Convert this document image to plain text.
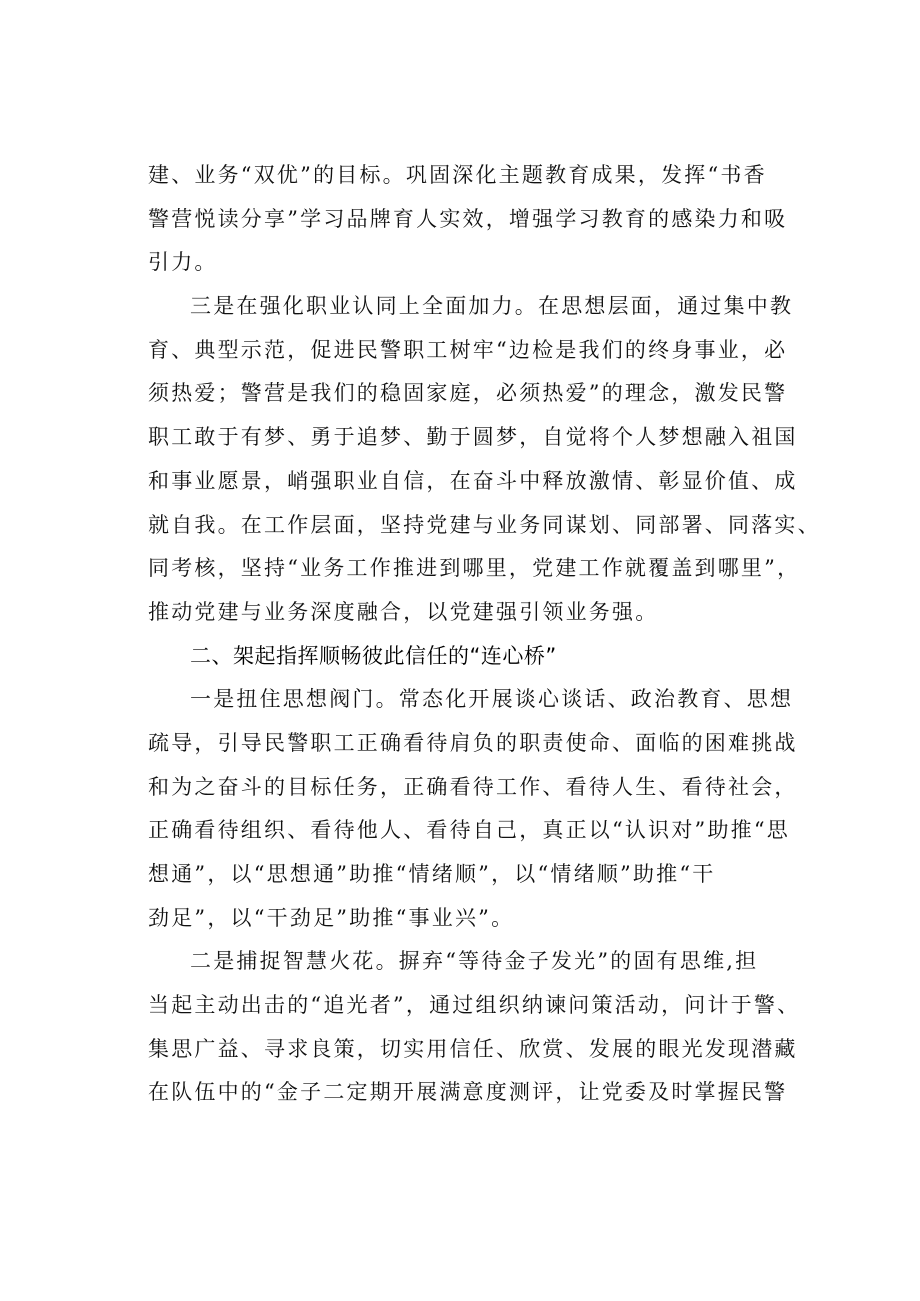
建、业务“双优”的目标。巩固深化主题教育成果，发挥“书香
警营悦读分享”学习品牌育人实效，增强学习教育的感染力和吸
引力。
三是在强化职业认同上全面加力。在思想层面，通过集中教
育、典型示范，促进民警职工树牢“边检是我们的终身事业，必
须热爱；警营是我们的稳固家庭，必须热爱”的理念，激发民警
职工敢于有梦、勇于追梦、勤于圆梦，自觉将个人梦想融入祖国
和事业愿景，峭强职业自信，在奋斗中释放激情、彰显价值、成
就自我。在工作层面，坚持党建与业务同谋划、同部署、同落实、
同考核，坚持“业务工作推进到哪里，党建工作就覆盖到哪里”，
推动党建与业务深度融合，以党建强引领业务强。
二、架起指挥顺畅彼此信任的“连心桥”
一是扭住思想阀门。常态化开展谈心谈话、政治教育、思想
疏导，引导民警职工正确看待肩负的职责使命、面临的困难挑战
和为之奋斗的目标任务，正确看待工作、看待人生、看待社会，
正确看待组织、看待他人、看待自己，真正以“认识对”助推“思
想通”，以“思想通”助推“情绪顺”，以“情绪顺”助推“干
劲足”，以“干劲足”助推“事业兴”。
二是捕捉智慧火花。摒弃“等待金子发光”的固有思维,担
当起主动出击的“追光者”，通过组织纳谏问策活动，问计于警、
集思广益、寻求良策，切实用信任、欣赏、发展的眼光发现潜藏
在队伍中的“金子二定期开展满意度测评，让党委及时掌握民警
